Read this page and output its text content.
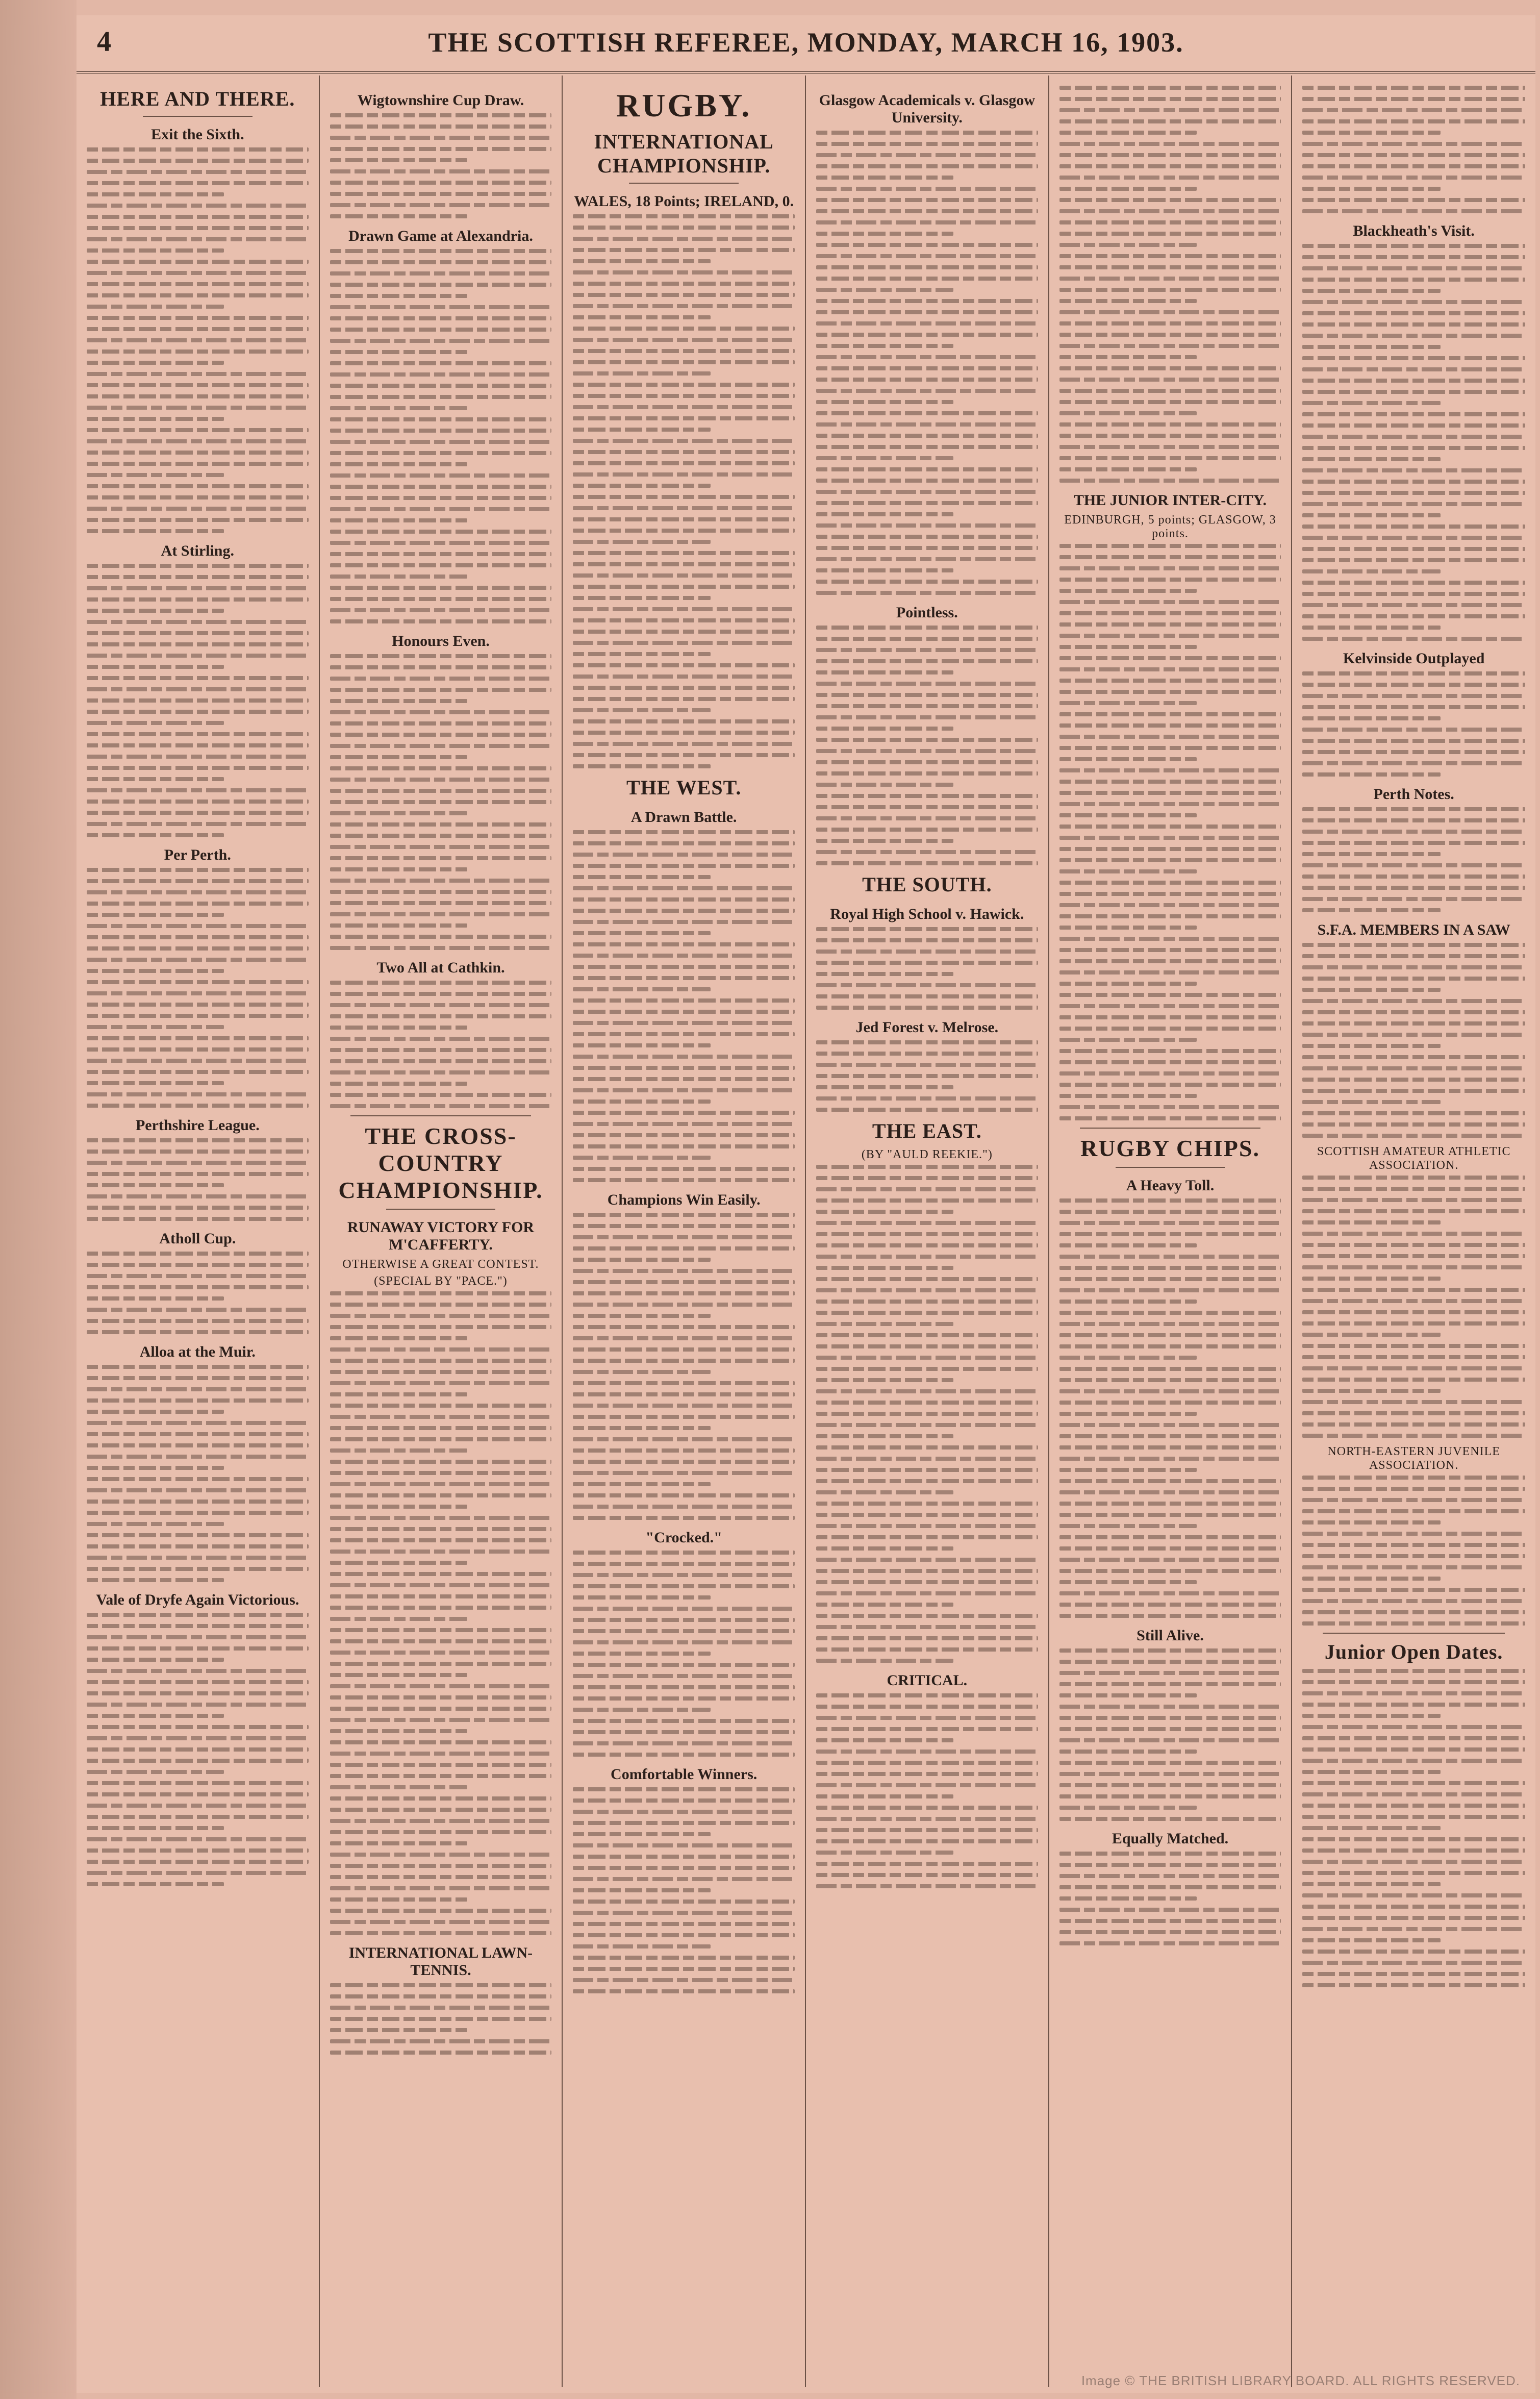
4	THE SCOTTISH REFEREE, MONDAY, MARCH 16, 1903.
HERE AND THERE.
Exit the Sixth.
At Stirling.
Per Perth.
Perthshire League.
Atholl Cup.
Alloa at the Muir.
Vale of Dryfe Again Victorious.
Wigtownshire Cup Draw.
Drawn Game at Alexandria.
Honours Even.
Two All at Cathkin.
THE CROSS-COUNTRY CHAMPIONSHIP.
RUNAWAY VICTORY FOR M'CAFFERTY.
OTHERWISE A GREAT CONTEST.
(SPECIAL BY "PACE.")
INTERNATIONAL LAWN-TENNIS.
RUGBY.
INTERNATIONAL CHAMPIONSHIP.
WALES, 18 Points; IRELAND, 0.
THE WEST.
A Drawn Battle.
Champions Win Easily.
"Crocked."
Comfortable Winners.
Glasgow Academicals v. Glasgow University.
Pointless.
THE SOUTH.
Royal High School v. Hawick.
Jed Forest v. Melrose.
THE EAST.
(BY "AULD REEKIE.")
CRITICAL.
THE JUNIOR INTER-CITY.
EDINBURGH, 5 points; GLASGOW, 3 points.
RUGBY CHIPS.
A Heavy Toll.
Still Alive.
Equally Matched.
Blackheath's Visit.
Kelvinside Outplayed
Perth Notes.
S.F.A. MEMBERS IN A SAW
SCOTTISH AMATEUR ATHLETIC ASSOCIATION.
NORTH-EASTERN JUVENILE ASSOCIATION.
Junior Open Dates.
Image © THE BRITISH LIBRARY BOARD. ALL RIGHTS RESERVED.
